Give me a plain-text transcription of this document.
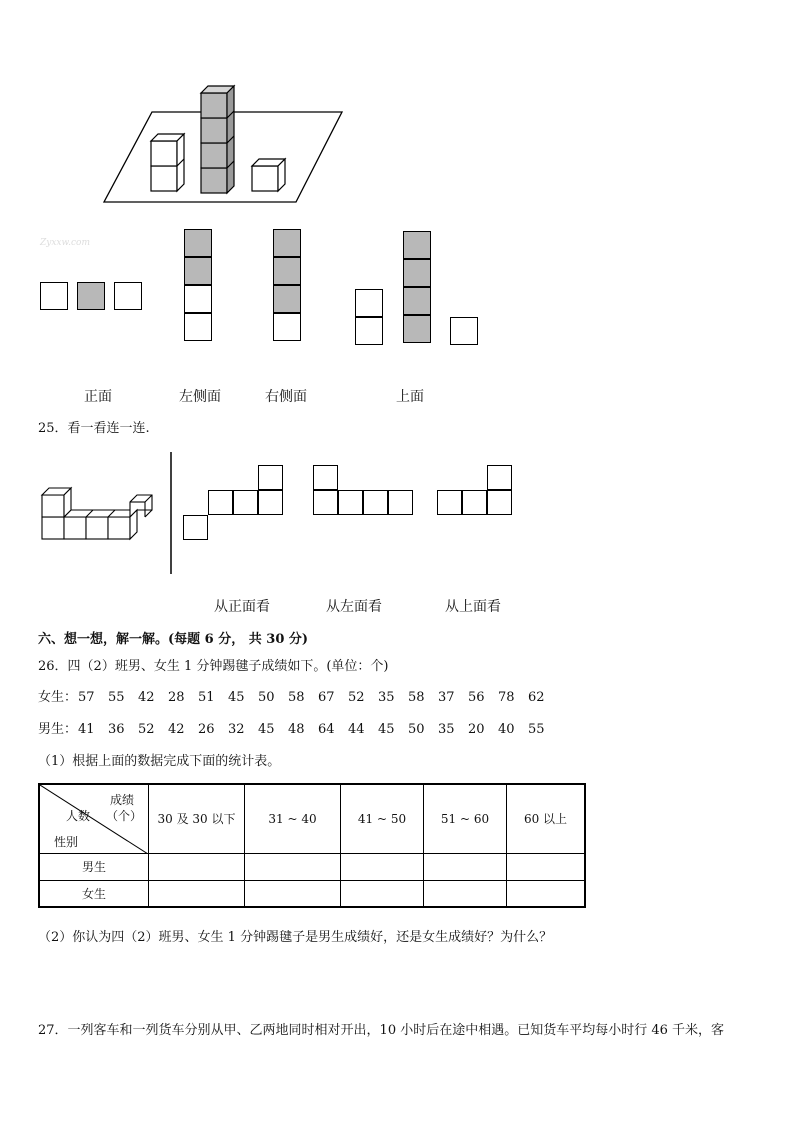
Zyxxw.com
正面	左侧面	右侧面	上面
25．看一看连一连.
从正面看	从左面看	从上面看
六、想一想，解一解。(每题 6 分， 共 30 分)
26．四（2）班男、女生 1 分钟踢毽子成绩如下。(单位：个)
女生：57 55 42 28 51 45 50 58 67 52 35 58 37 56 78 62
男生：41 36 52 42 26 32 45 48 64 44 45 50 35 20 40 55
（1）根据上面的数据完成下面的统计表。
成绩
（个）
人数
性别	30 及 30 以下	31 ~ 40	41 ~ 50	51 ~ 60	60 以上
男生					
女生					
（2）你认为四（2）班男、女生 1 分钟踢毽子是男生成绩好，还是女生成绩好？为什么？
27．一列客车和一列货车分别从甲、乙两地同时相对开出，10 小时后在途中相遇。已知货车平均每小时行 46 千米，客
